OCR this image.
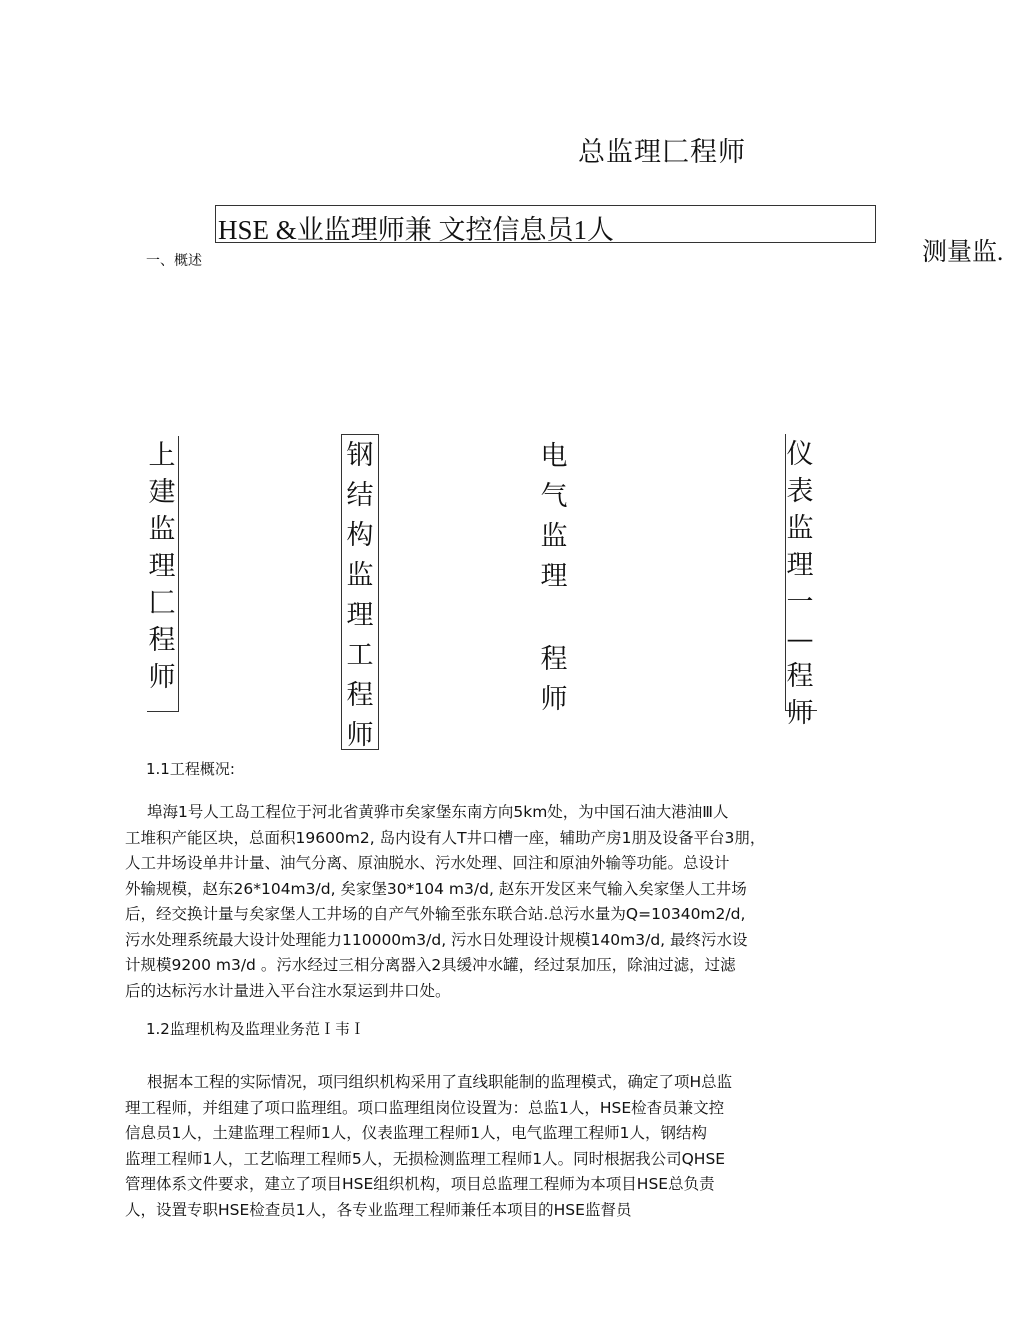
总监理匚程师
HSE &业监理师兼 文控信息员1人
测量监.
一、概述
上
建
监
理
匚
程
师
钢
结
构
监
理
工
程
师
电
气
监
理
程
师
仪
表
监
理
一
—
程
师
1.1工程概况:
埠海1号人工岛工程位于河北省黄骅市矣家堡东南方向5km处，为中国石油大港油Ⅲ人
工堆积产能区块，总面积19600m2, 岛内设有人T井口槽一座，辅助产房1朋及设备平台3朋，
人工井场设单井计量、油气分离、原油脱水、污水处理、回注和原油外输等功能。总设计
外输规模，赵东26*104m3/d, 矣家堡30*104 m3/d, 赵东开发区来气输入矣家堡人工井场
后，经交换计量与矣家堡人工井场的自产气外输至张东联合站.总污水量为Q=10340m2/d,
污水处理系统最大设计处理能力110000m3/d, 污水日处理设计规模140m3/d, 最终污水设
计规模9200 m3/d 。污水经过三相分离器入2具缓冲水罐，经过泵加压，除油过滤，过滤
后的达标污水计量进入平台注水泵运到井口处。
1.2监理机构及监理业务范Ｉ韦Ｉ
根据本工程的实际情况，项冃组织机构采用了直线职能制的监理模式，确定了项H总监
理工程师，并组建了项口监理组。项口监理组岗位设置为：总监1人，HSE检杳员兼文控
信息员1人，土建监理工程师1人，仪表监理工程师1人，电气监理工程师1人，钢结构
监理工程师1人，工艺临理工程师5人，无损检测监理工程师1人。同时根据我公司QHSE
管理体系文件要求，建立了项目HSE组织机构，项目总监理工程师为本项目HSE总负责
人，设置专职HSE检查员1人，各专业监理工程师兼任本项目的HSE监督员
